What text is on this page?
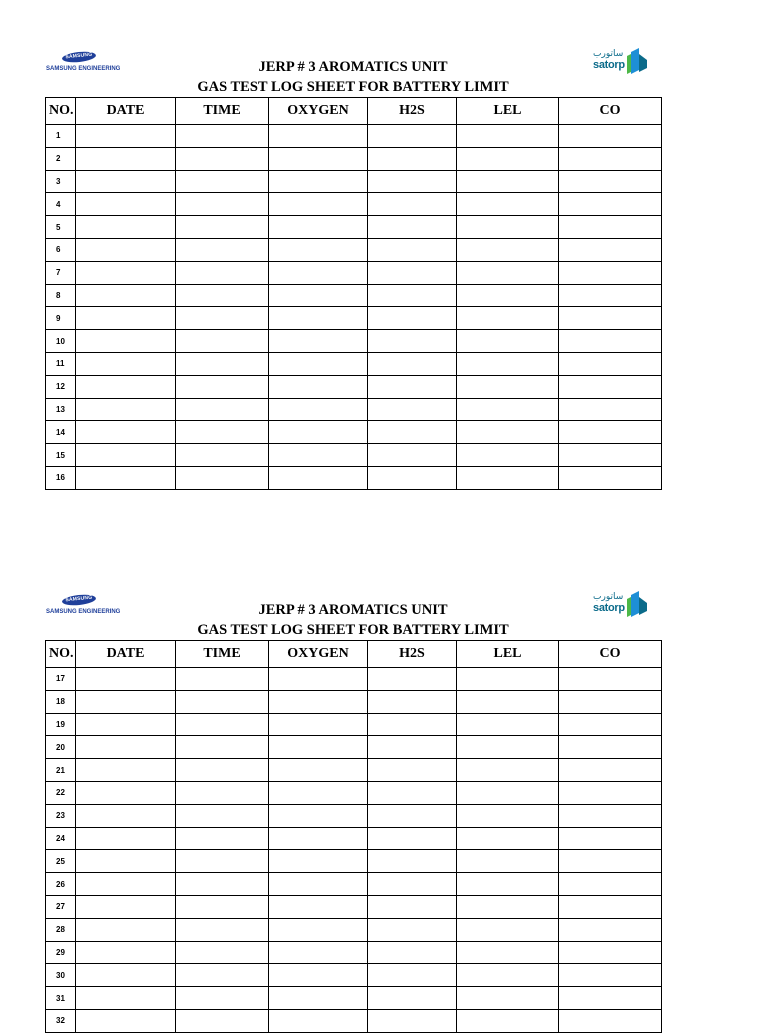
SAMSUNG
SAMSUNG ENGINEERING
ساتورب
satorp
JERP # 3 AROMATICS UNIT
GAS TEST LOG SHEET FOR BATTERY LIMIT
NO.	DATE	TIME	OXYGEN	H2S	LEL	CO
1						
2						
3						
4						
5						
6						
7						
8						
9						
10						
11						
12						
13						
14						
15						
16						
SAMSUNG
SAMSUNG ENGINEERING
ساتورب
satorp
JERP # 3 AROMATICS UNIT
GAS TEST LOG SHEET FOR BATTERY LIMIT
NO.	DATE	TIME	OXYGEN	H2S	LEL	CO
17						
18						
19						
20						
21						
22						
23						
24						
25						
26						
27						
28						
29						
30						
31						
32						
